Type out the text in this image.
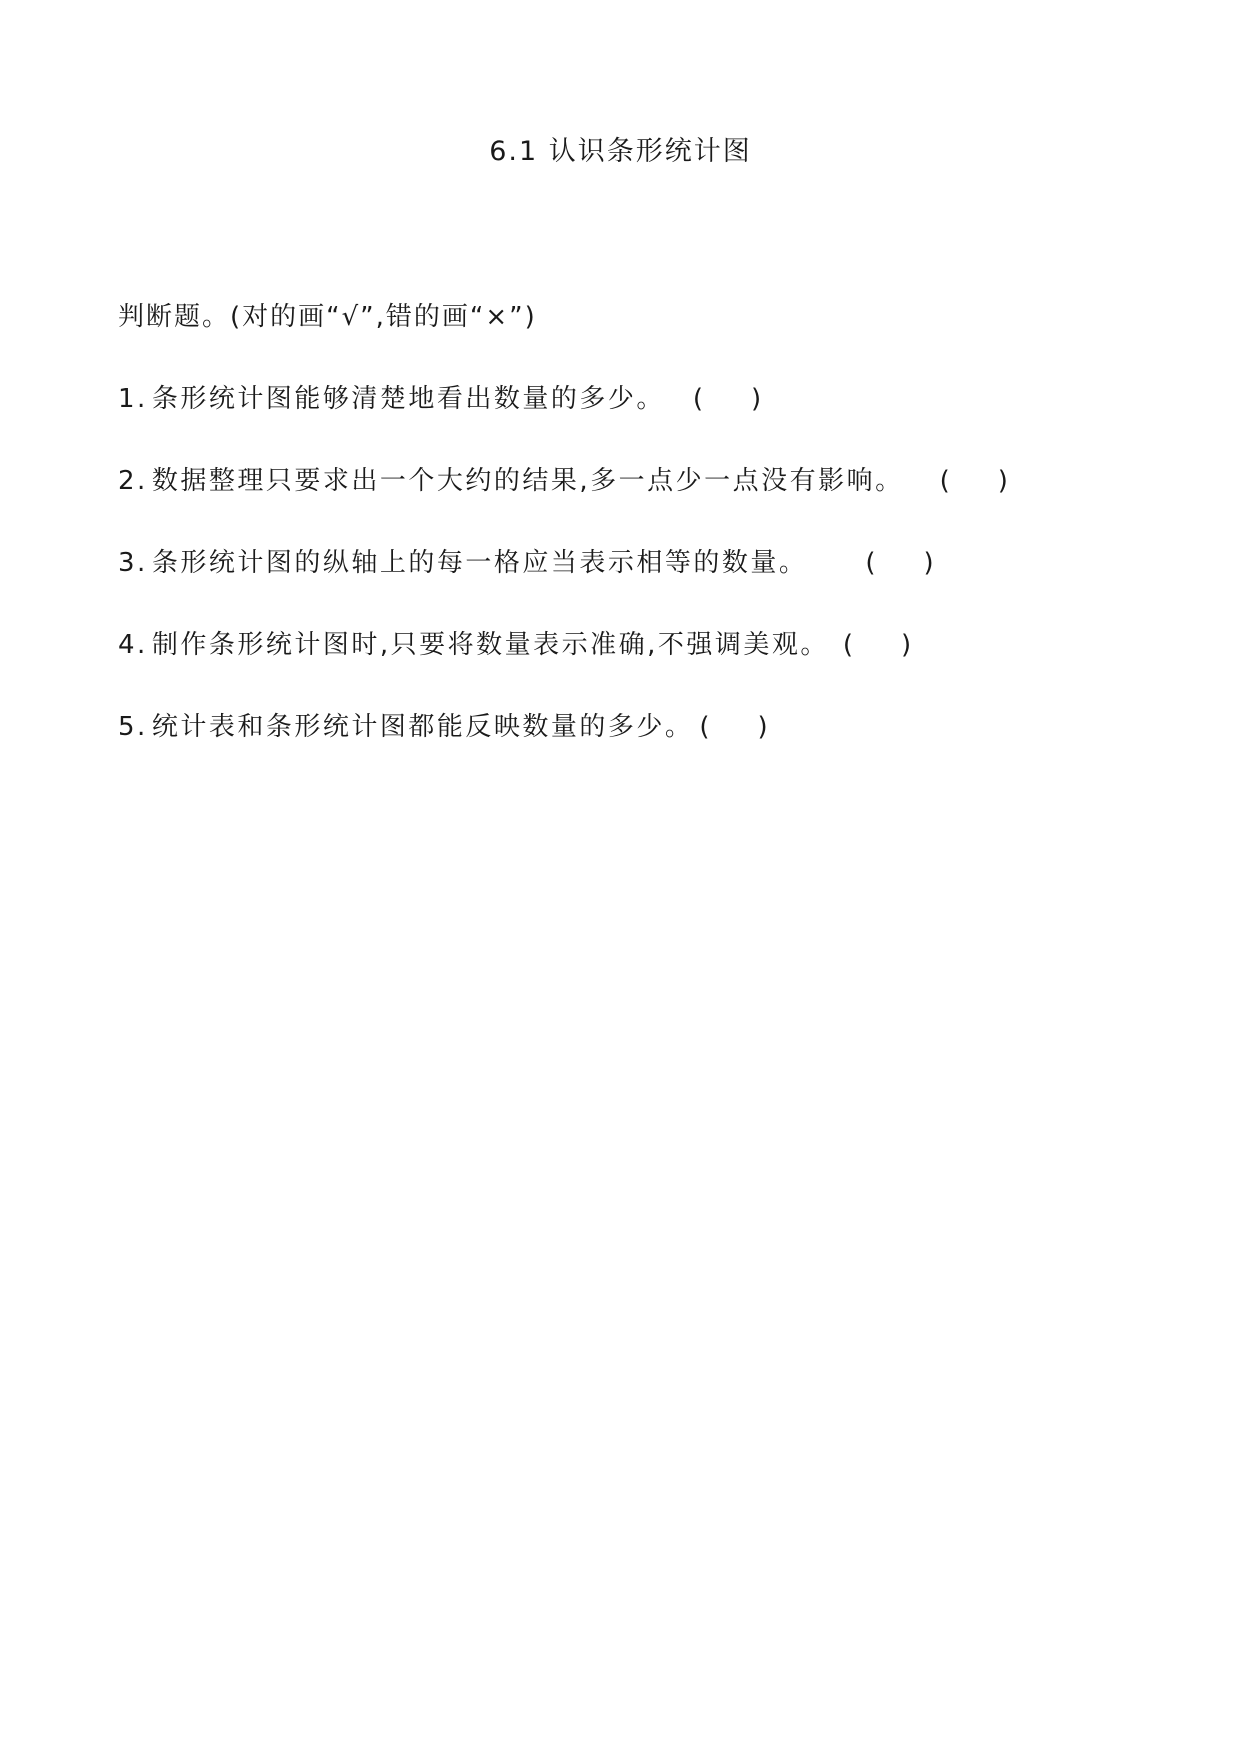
6.1 认识条形统计图
判断题。(对的画“√”,错的画“×”)
1. 条形统计图能够清楚地看出数量的多少。 ( )
2. 数据整理只要求出一个大约的结果,多一点少一点没有影响。 ( )
3. 条形统计图的纵轴上的每一格应当表示相等的数量。 ( )
4. 制作条形统计图时,只要将数量表示准确,不强调美观。 ( )
5. 统计表和条形统计图都能反映数量的多少。 ( )
